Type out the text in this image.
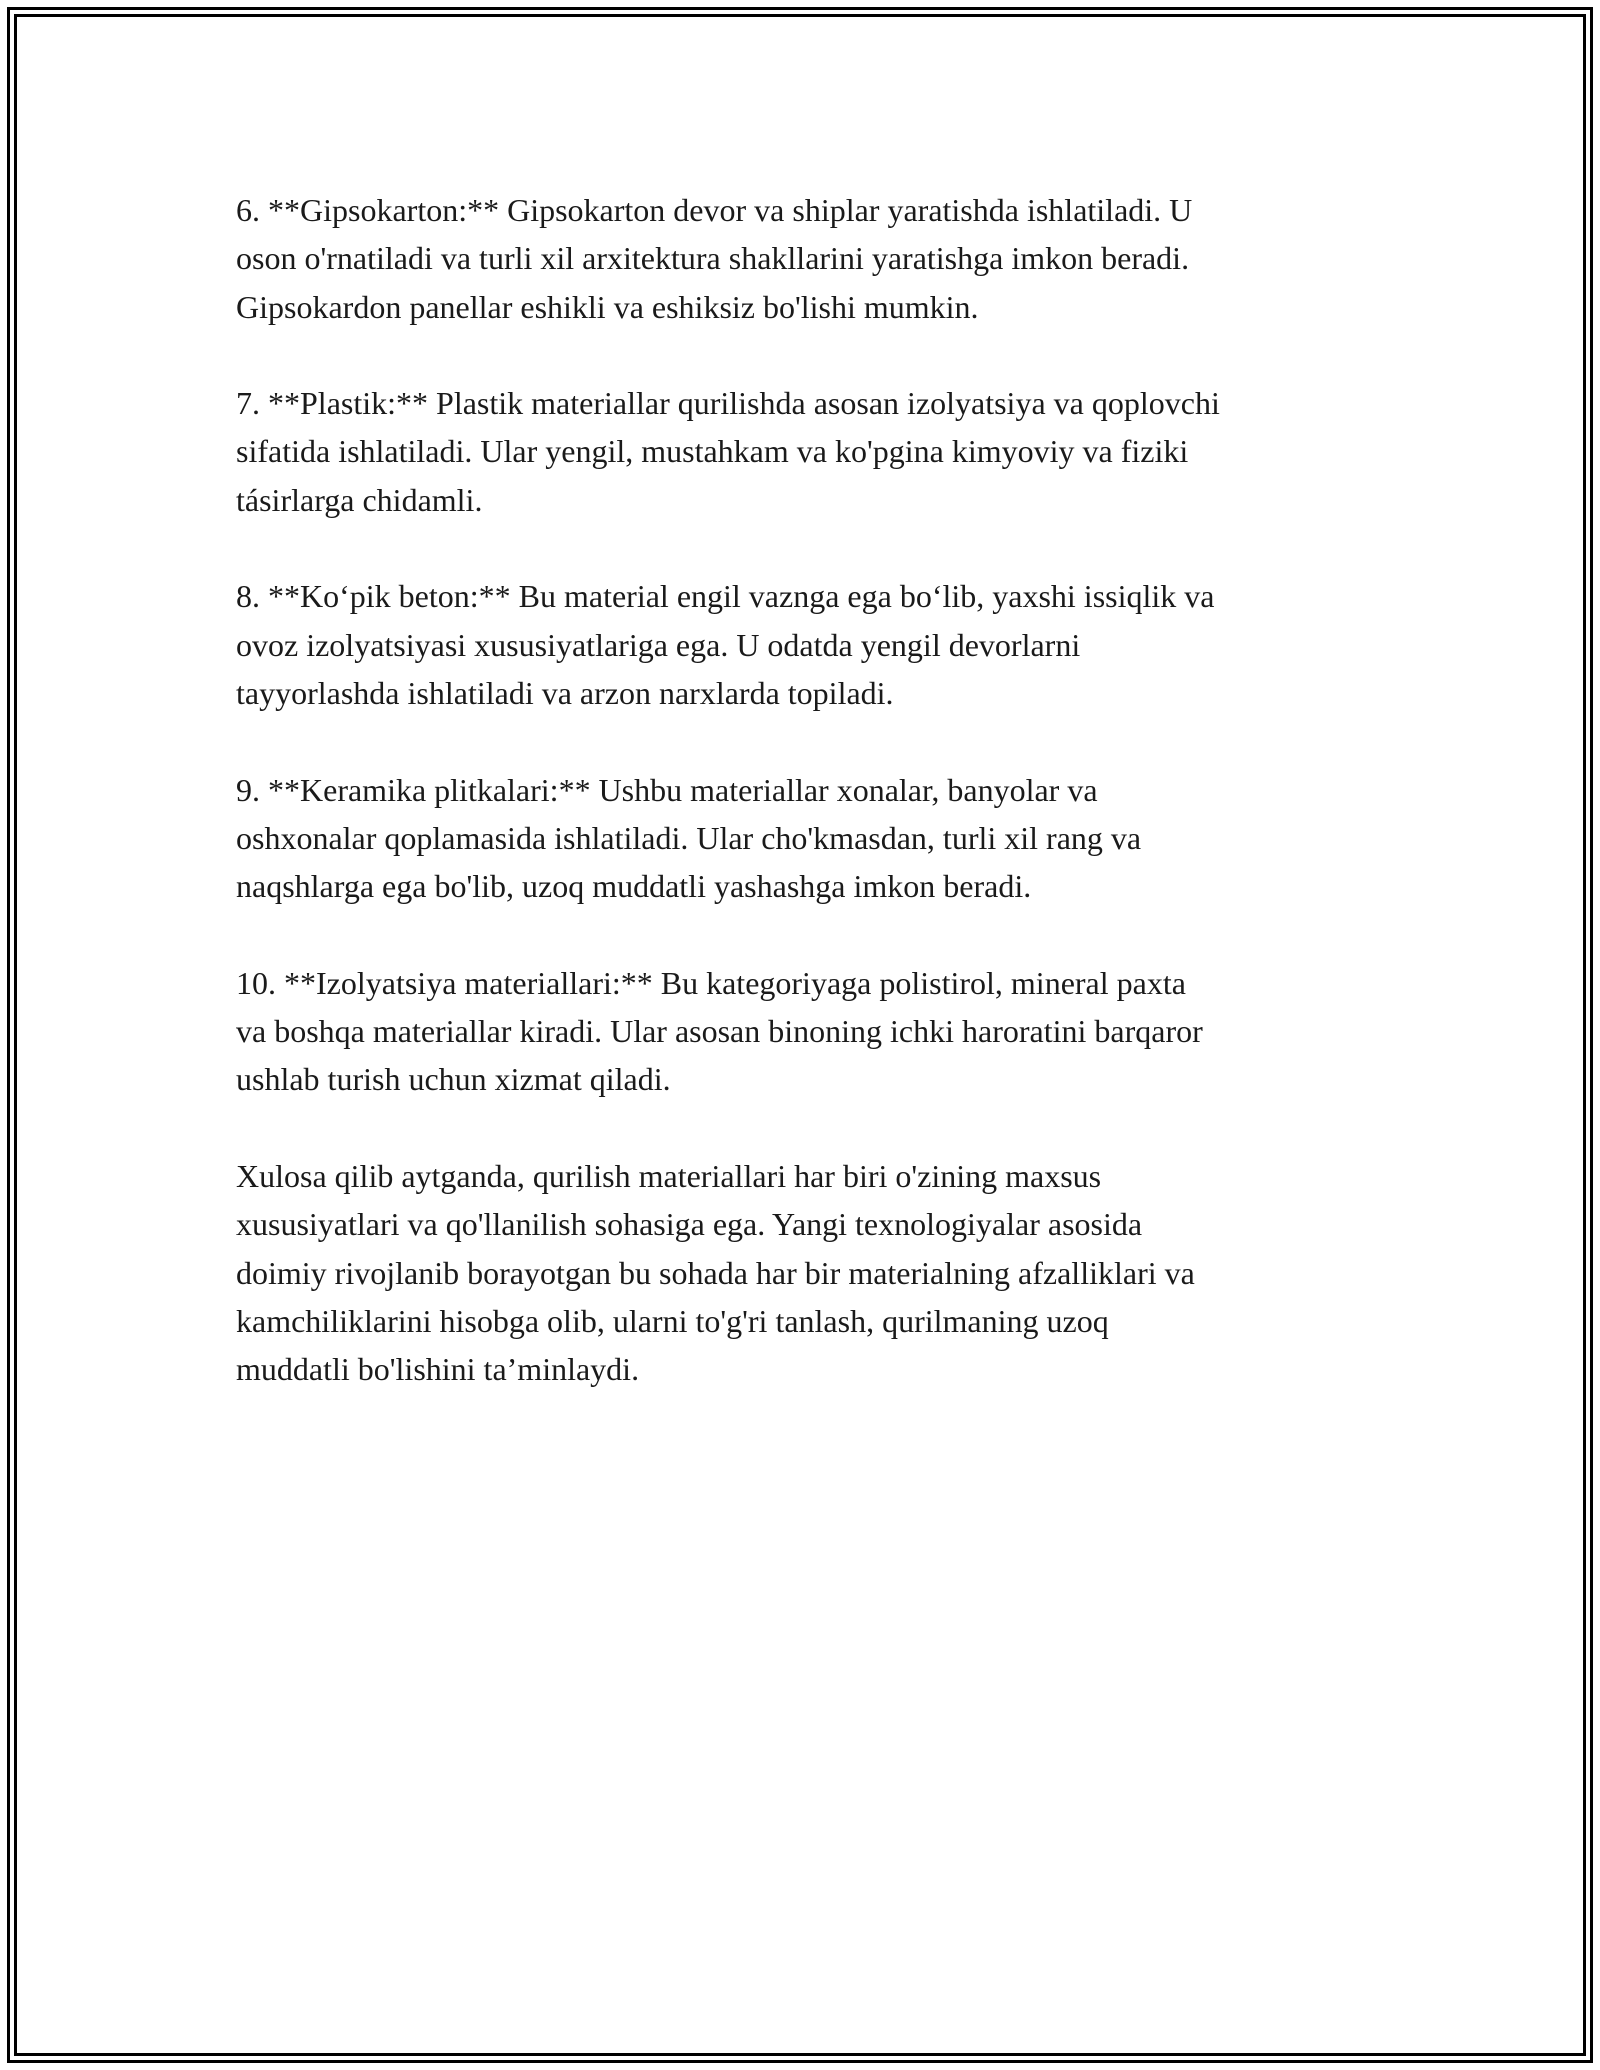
6. **Gipsokarton:** Gipsokarton devor va shiplar yaratishda ishlatiladi. U
oson o'rnatiladi va turli xil arxitektura shakllarini yaratishga imkon beradi.
Gipsokardon panellar eshikli va eshiksiz bo'lishi mumkin.

7. **Plastik:** Plastik materiallar qurilishda asosan izolyatsiya va qoplovchi
sifatida ishlatiladi. Ular yengil, mustahkam va ko'pgina kimyoviy va fiziki
tásirlarga chidamli.

8. **Ko‘pik beton:** Bu material engil vaznga ega bo‘lib, yaxshi issiqlik va
ovoz izolyatsiyasi xususiyatlariga ega. U odatda yengil devorlarni
tayyorlashda ishlatiladi va arzon narxlarda topiladi.

9. **Keramika plitkalari:** Ushbu materiallar xonalar, banyolar va
oshxonalar qoplamasida ishlatiladi. Ular cho'kmasdan, turli xil rang va
naqshlarga ega bo'lib, uzoq muddatli yashashga imkon beradi.

10. **Izolyatsiya materiallari:** Bu kategoriyaga polistirol, mineral paxta
va boshqa materiallar kiradi. Ular asosan binoning ichki haroratini barqaror
ushlab turish uchun xizmat qiladi.

Xulosa qilib aytganda, qurilish materiallari har biri o'zining maxsus
xususiyatlari va qo'llanilish sohasiga ega. Yangi texnologiyalar asosida
doimiy rivojlanib borayotgan bu sohada har bir materialning afzalliklari va
kamchiliklarini hisobga olib, ularni to'g'ri tanlash, qurilmaning uzoq
muddatli bo'lishini ta’minlaydi.
